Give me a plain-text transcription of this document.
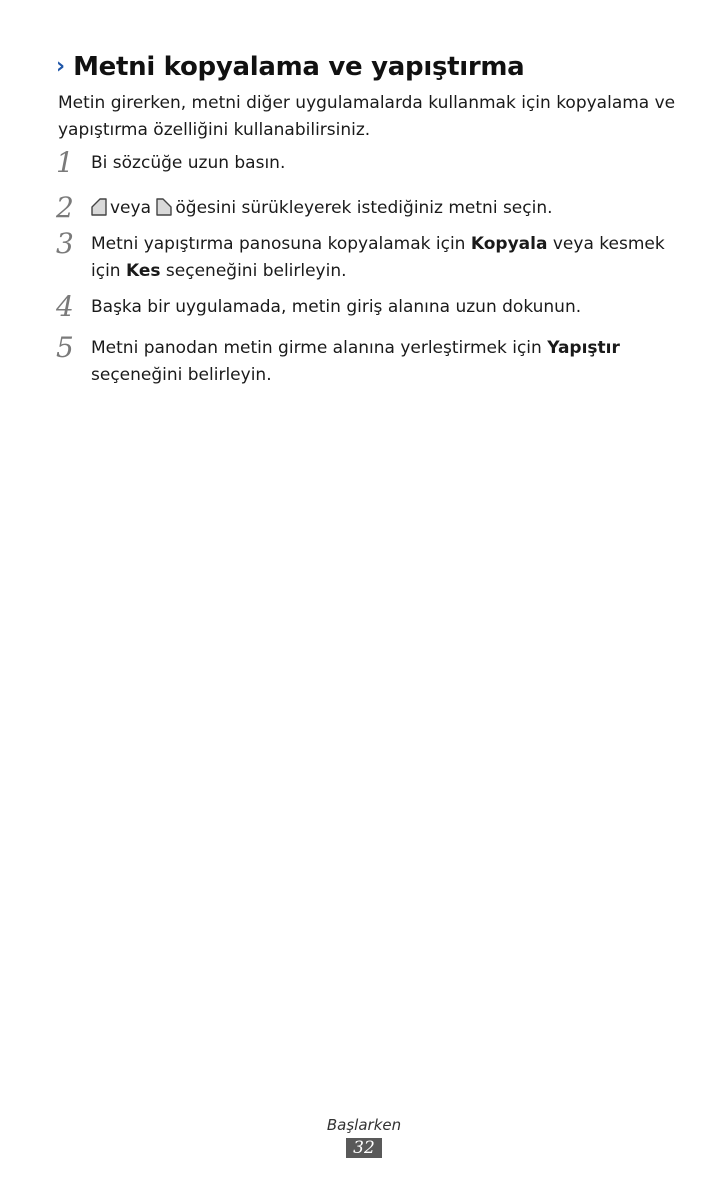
› Metni kopyalama ve yapıştırma
Metin girerken, metni diğer uygulamalarda kullanmak için kopyalama ve yapıştırma özelliğini kullanabilirsiniz.
1 Bi sözcüğe uzun basın.
2	veya öğesini sürükleyerek istediğiniz metni seçin.
3 Metni yapıştırma panosuna kopyalamak için Kopyala veya kesmek için Kes seçeneğini belirleyin.
4 Başka bir uygulamada, metin giriş alanına uzun dokunun.
5 Metni panodan metin girme alanına yerleştirmek için Yapıştır seçeneğini belirleyin.
Başlarken
32
